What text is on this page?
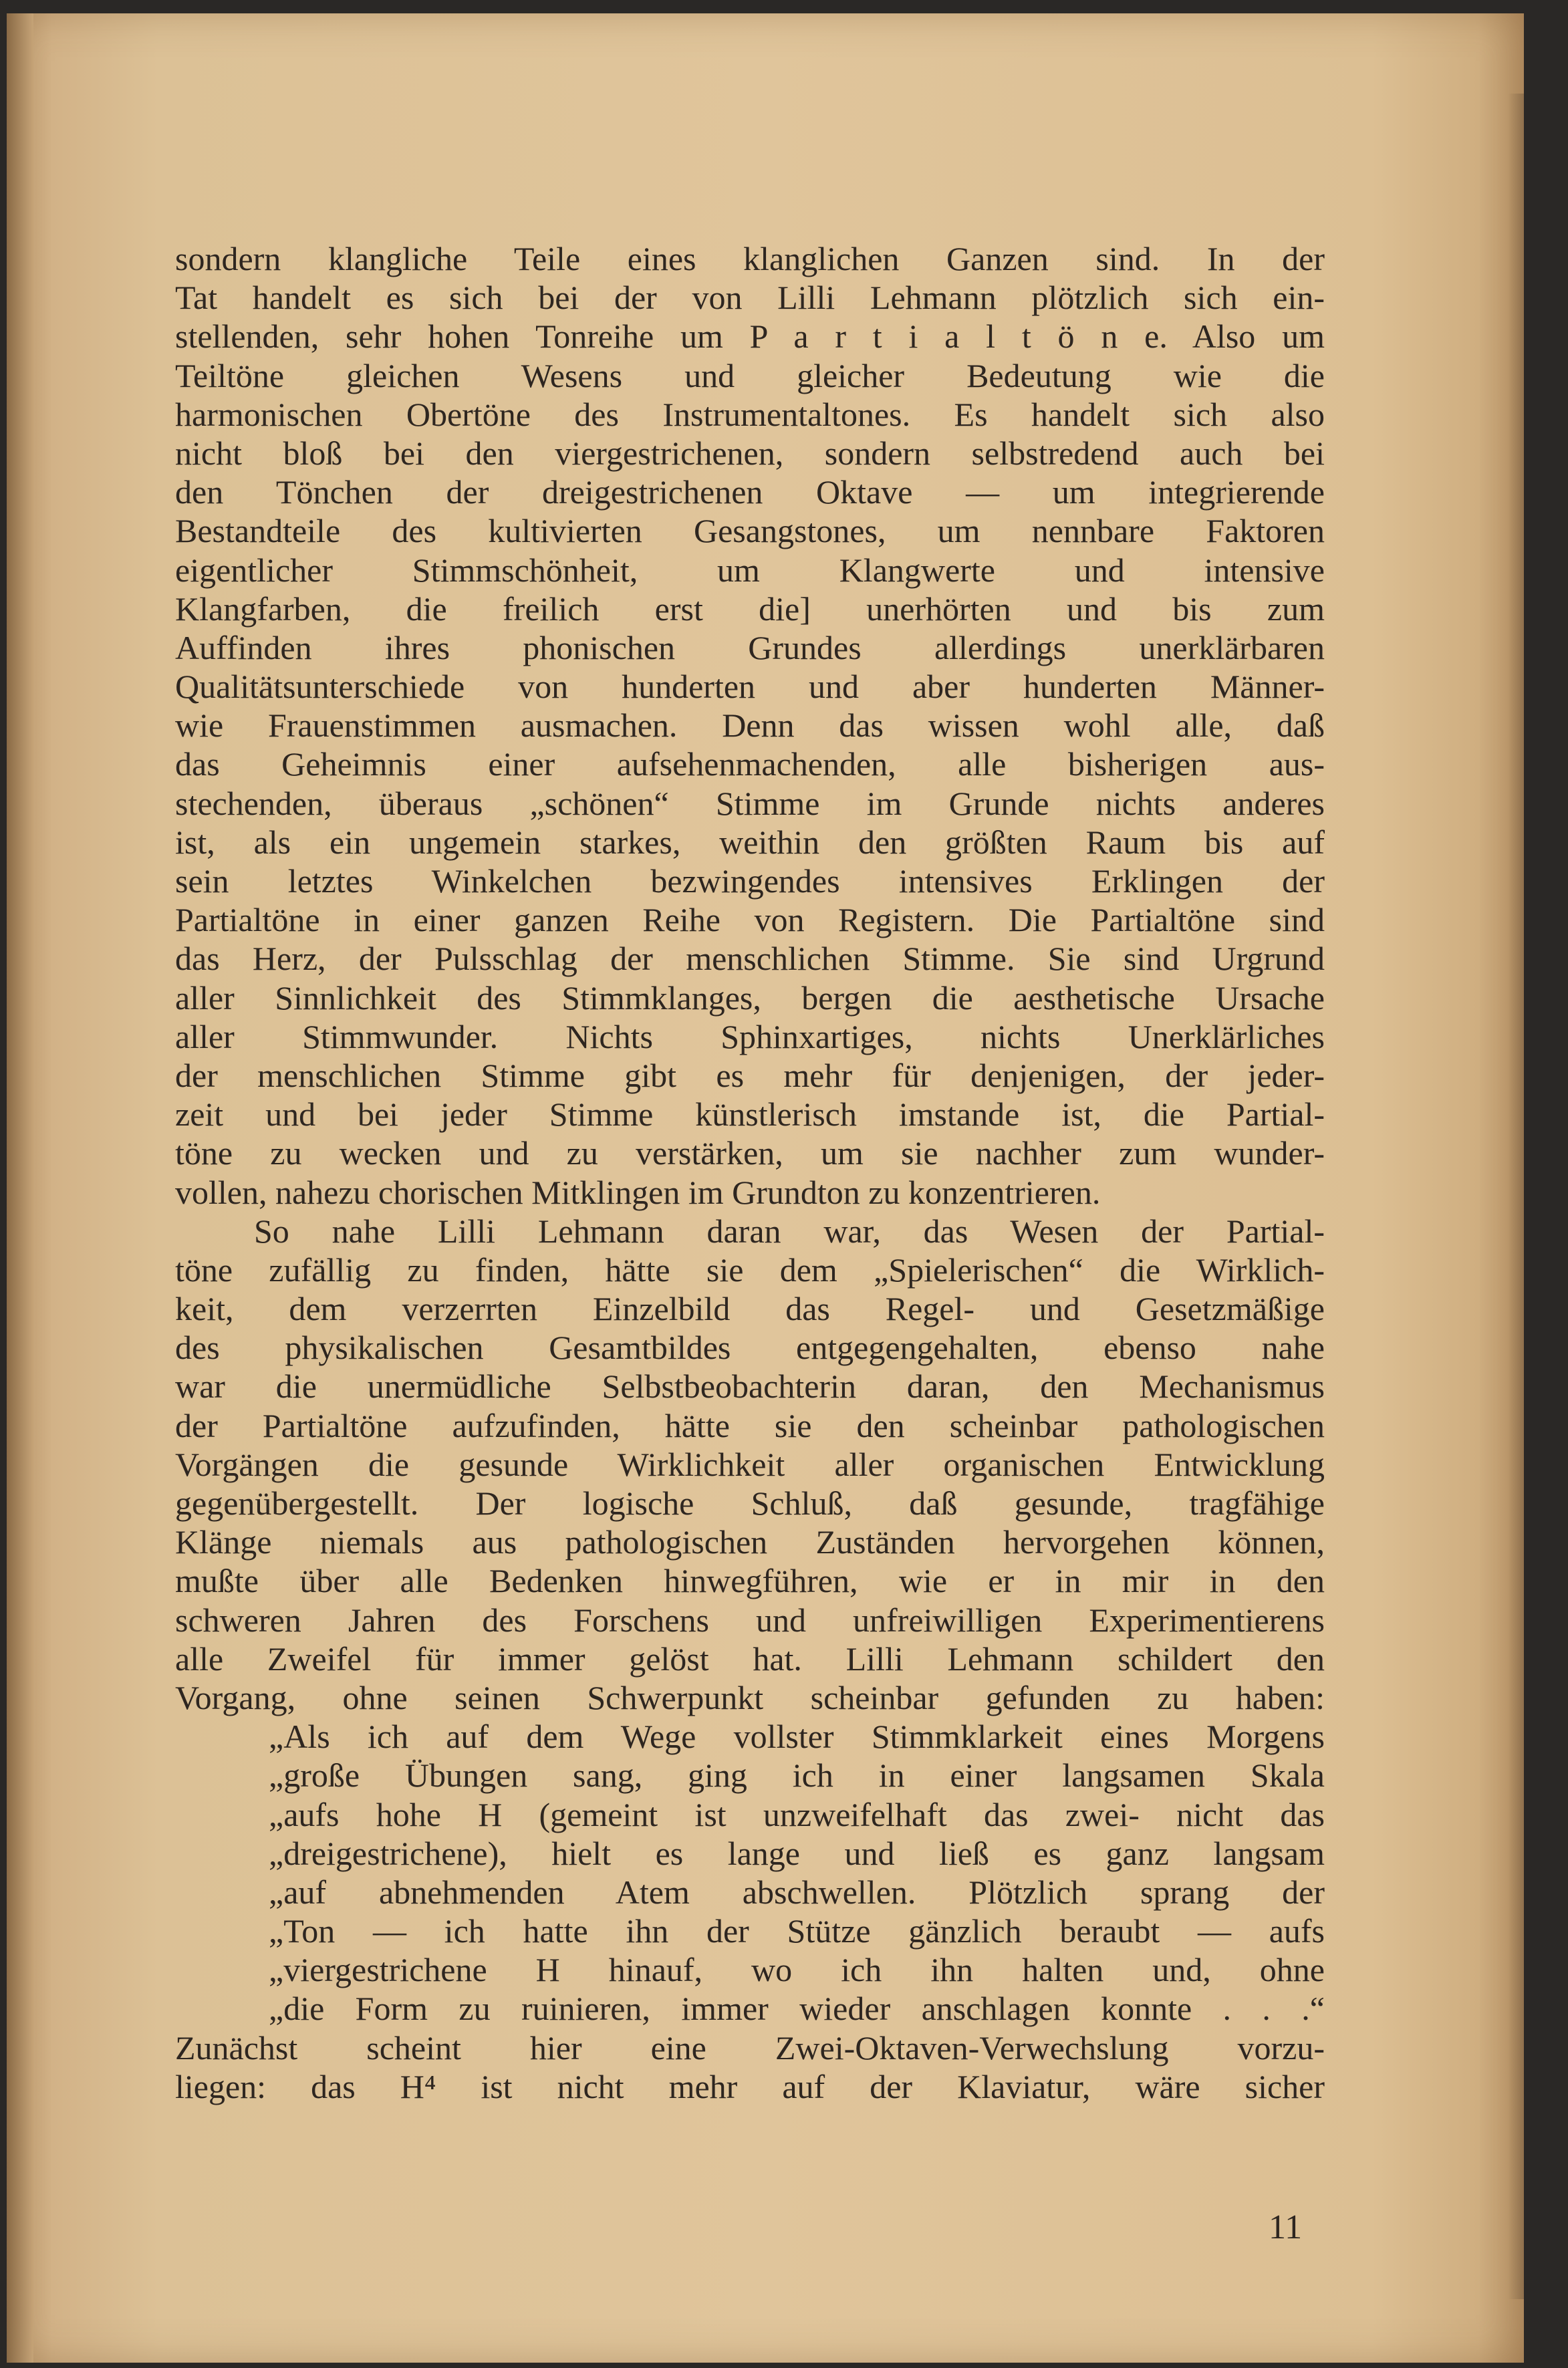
sondern klangliche Teile eines klanglichen Ganzen sind. In der
Tat handelt es sich bei der von Lilli Lehmann plötzlich sich ein-
stellenden, sehr hohen Tonreihe um P a r t i a l t ö n e. Also um
Teiltöne gleichen Wesens und gleicher Bedeutung wie die
harmonischen Obertöne des Instrumentaltones. Es handelt sich also
nicht bloß bei den viergestrichenen, sondern selbstredend auch bei
den Tönchen der dreigestrichenen Oktave — um integrierende
Bestandteile des kultivierten Gesangstones, um nennbare Faktoren
eigentlicher Stimmschönheit, um Klangwerte und intensive
Klangfarben, die freilich erst die] unerhörten und bis zum
Auffinden ihres phonischen Grundes allerdings unerklärbaren
Qualitätsunterschiede von hunderten und aber hunderten Männer-
wie Frauenstimmen ausmachen. Denn das wissen wohl alle, daß
das Geheimnis einer aufsehenmachenden, alle bisherigen aus-
stechenden, überaus „schönen“ Stimme im Grunde nichts anderes
ist, als ein ungemein starkes, weithin den größten Raum bis auf
sein letztes Winkelchen bezwingendes intensives Erklingen der
Partialtöne in einer ganzen Reihe von Registern. Die Partialtöne sind
das Herz, der Pulsschlag der menschlichen Stimme. Sie sind Urgrund
aller Sinnlichkeit des Stimmklanges, bergen die aesthetische Ursache
aller Stimmwunder. Nichts Sphinxartiges, nichts Unerklärliches
der menschlichen Stimme gibt es mehr für denjenigen, der jeder-
zeit und bei jeder Stimme künstlerisch imstande ist, die Partial-
töne zu wecken und zu verstärken, um sie nachher zum wunder-
vollen, nahezu chorischen Mitklingen im Grundton zu konzentrieren.
So nahe Lilli Lehmann daran war, das Wesen der Partial-
töne zufällig zu finden, hätte sie dem „Spielerischen“ die Wirklich-
keit, dem verzerrten Einzelbild das Regel- und Gesetzmäßige
des physikalischen Gesamtbildes entgegengehalten, ebenso nahe
war die unermüdliche Selbstbeobachterin daran, den Mechanismus
der Partialtöne aufzufinden, hätte sie den scheinbar pathologischen
Vorgängen die gesunde Wirklichkeit aller organischen Entwicklung
gegenübergestellt. Der logische Schluß, daß gesunde, tragfähige
Klänge niemals aus pathologischen Zuständen hervorgehen können,
mußte über alle Bedenken hinwegführen, wie er in mir in den
schweren Jahren des Forschens und unfreiwilligen Experimentierens
alle Zweifel für immer gelöst hat. Lilli Lehmann schildert den
Vorgang, ohne seinen Schwerpunkt scheinbar gefunden zu haben:
„Als ich auf dem Wege vollster Stimmklarkeit eines Morgens
„große Übungen sang, ging ich in einer langsamen Skala
„aufs hohe H (gemeint ist unzweifelhaft das zwei- nicht das
„dreigestrichene), hielt es lange und ließ es ganz langsam
„auf abnehmenden Atem abschwellen. Plötzlich sprang der
„Ton — ich hatte ihn der Stütze gänzlich beraubt — aufs
„viergestrichene H hinauf, wo ich ihn halten und, ohne
„die Form zu ruinieren, immer wieder anschlagen konnte . . .“
Zunächst scheint hier eine Zwei-Oktaven-Verwechslung vorzu-
liegen: das H⁴ ist nicht mehr auf der Klaviatur, wäre sicher
11
